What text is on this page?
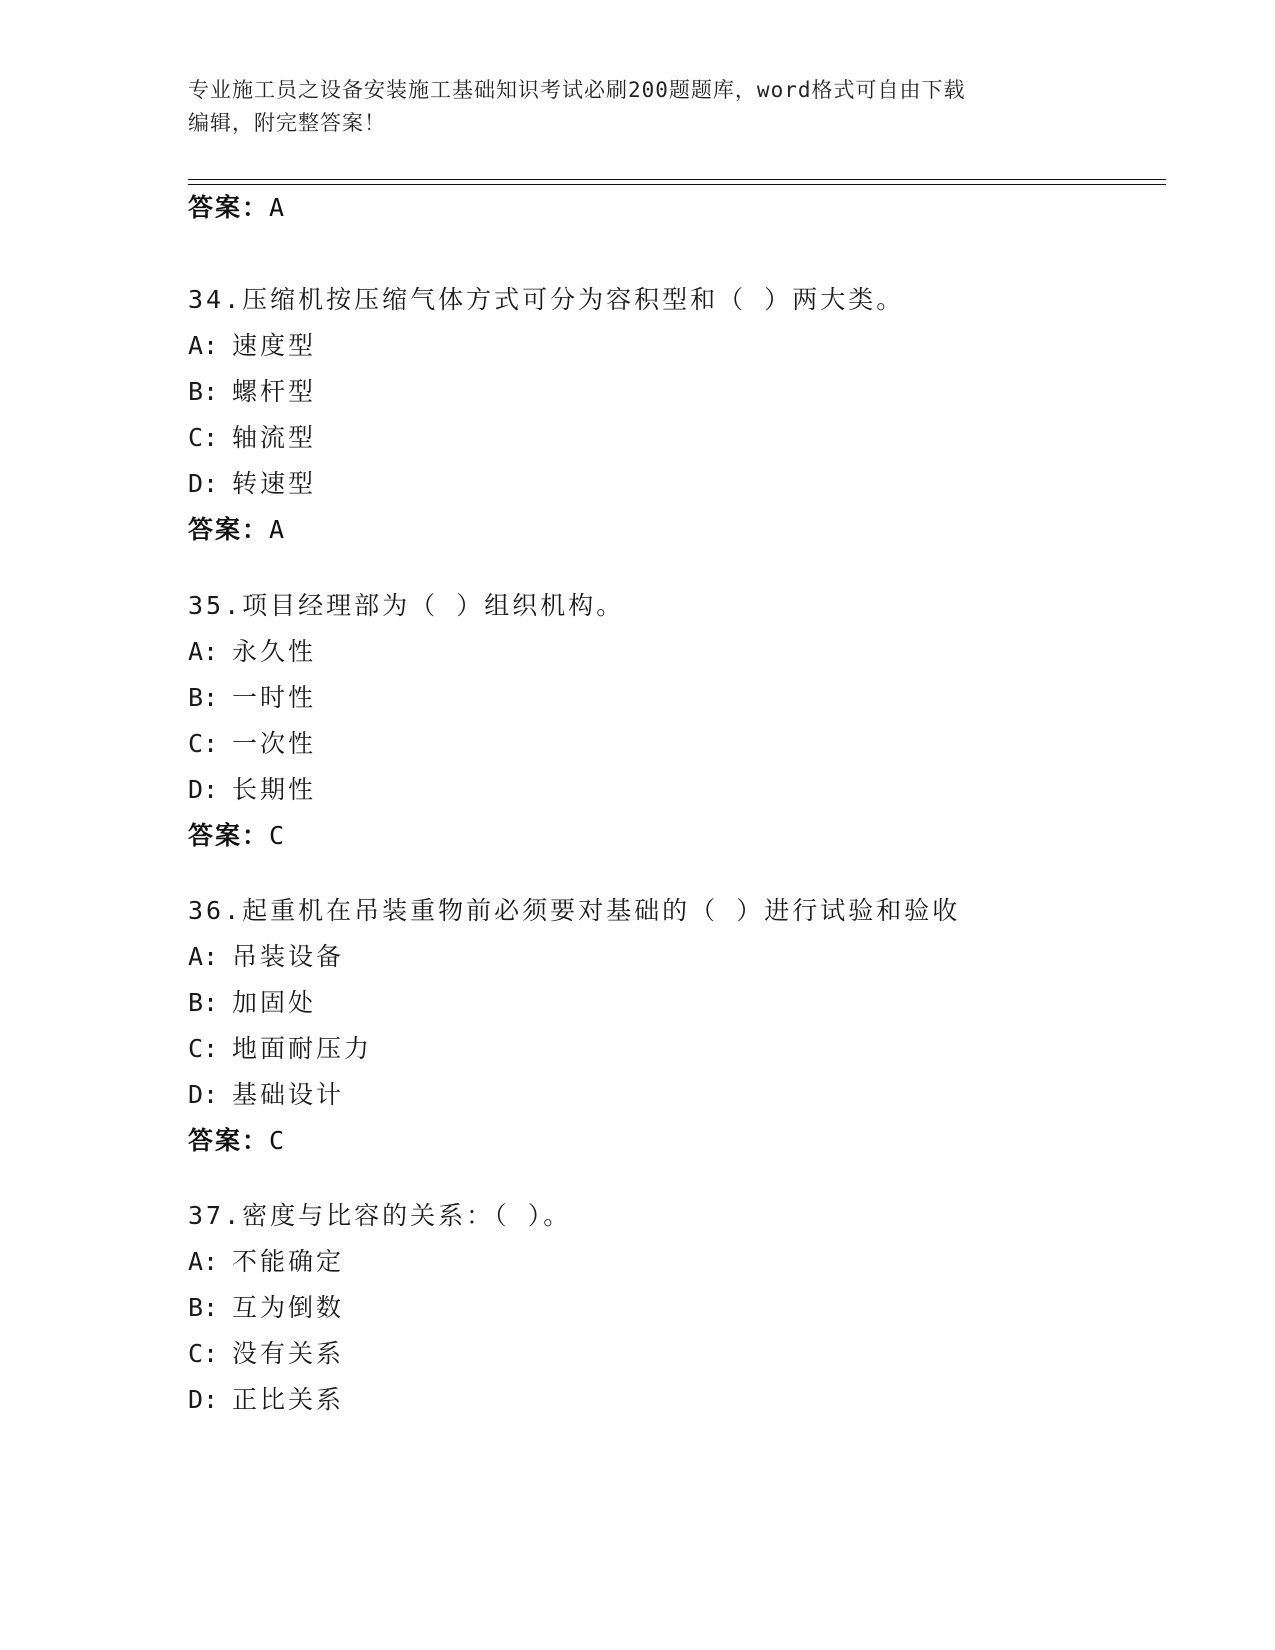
专业施工员之设备安装施工基础知识考试必刷200题题库，word格式可自由下载
编辑，附完整答案！
答案：A
34.压缩机按压缩气体方式可分为容积型和（ ）两大类。
A: 速度型
B: 螺杆型
C: 轴流型
D: 转速型
答案：A
35.项目经理部为（ ）组织机构。
A: 永久性
B: 一时性
C: 一次性
D: 长期性
答案：C
36.起重机在吊装重物前必须要对基础的（ ）进行试验和验收
A: 吊装设备
B: 加固处
C: 地面耐压力
D: 基础设计
答案：C
37.密度与比容的关系：（ ）。
A: 不能确定
B: 互为倒数
C: 没有关系
D: 正比关系
